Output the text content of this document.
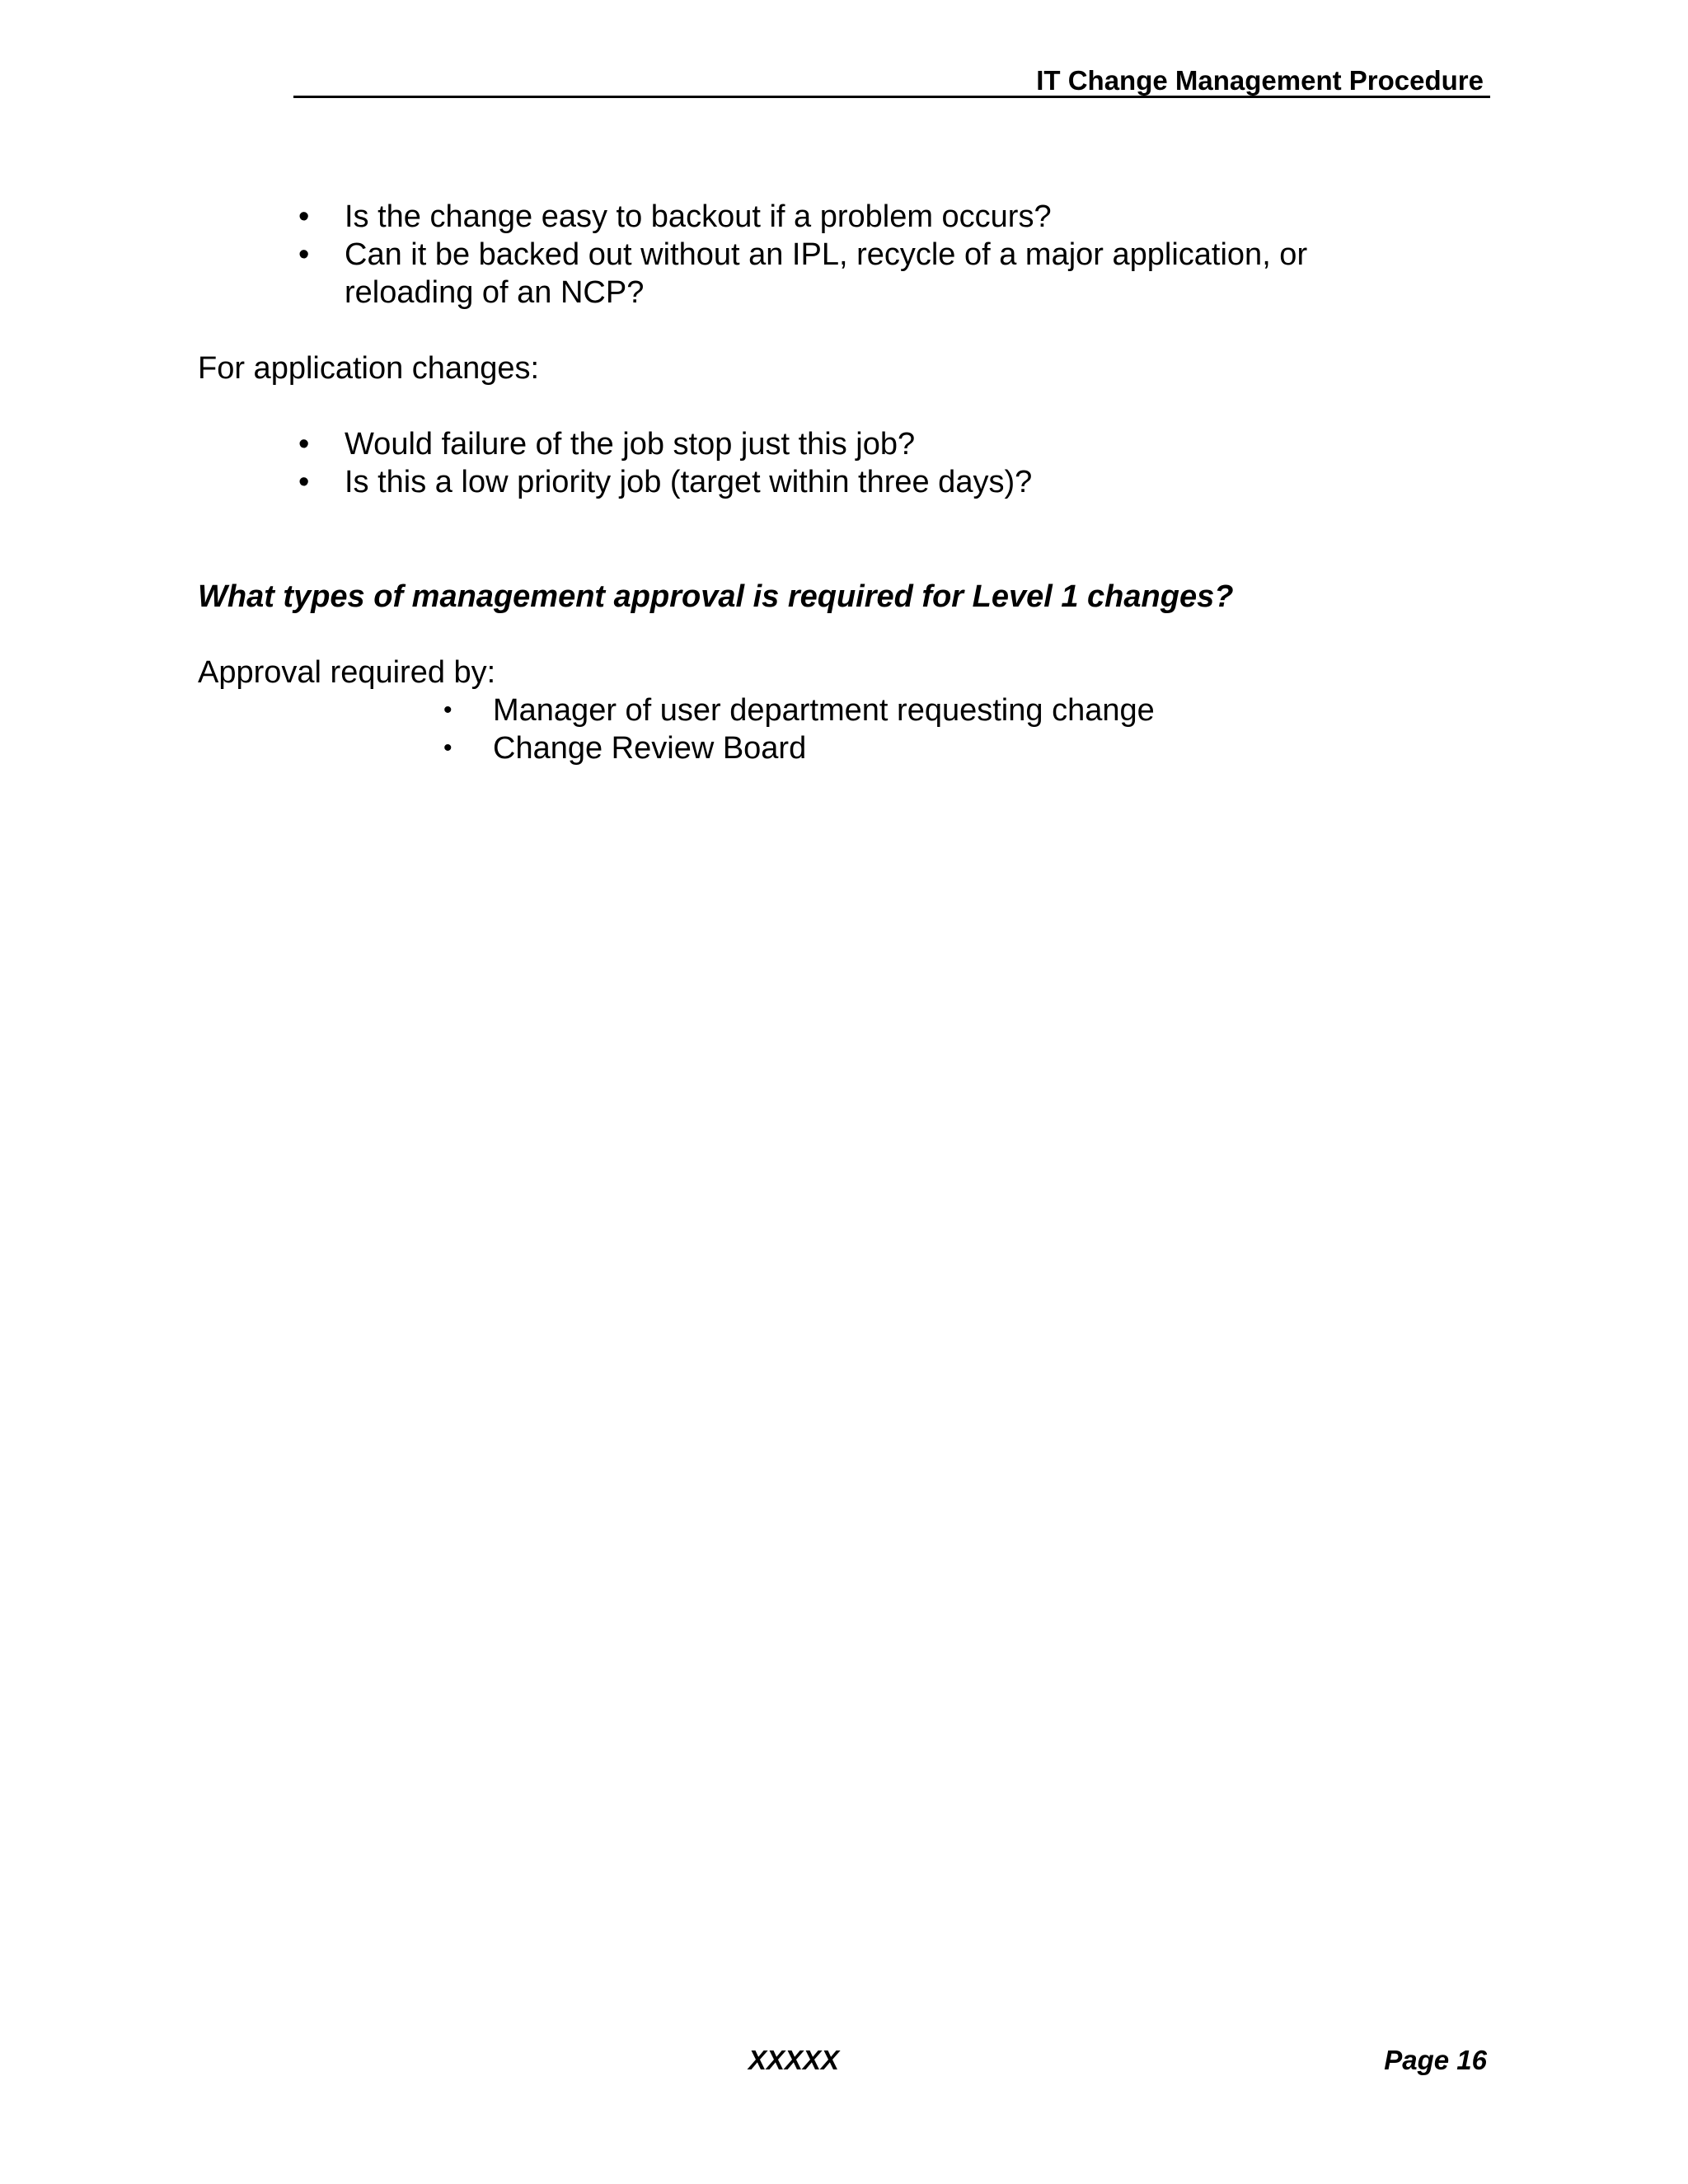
IT Change Management Procedure
• Is the change easy to backout if a problem occurs?
• Can it be backed out without an IPL, recycle of a major application, or
reloading of an NCP?

For application changes:

• Would failure of the job stop just this job?
• Is this a low priority job (target within three days)?

What types of management approval is required for Level 1 changes?

Approval required by:

• Manager of user department requesting change
• Change Review Board
XXXXX	Page 16
